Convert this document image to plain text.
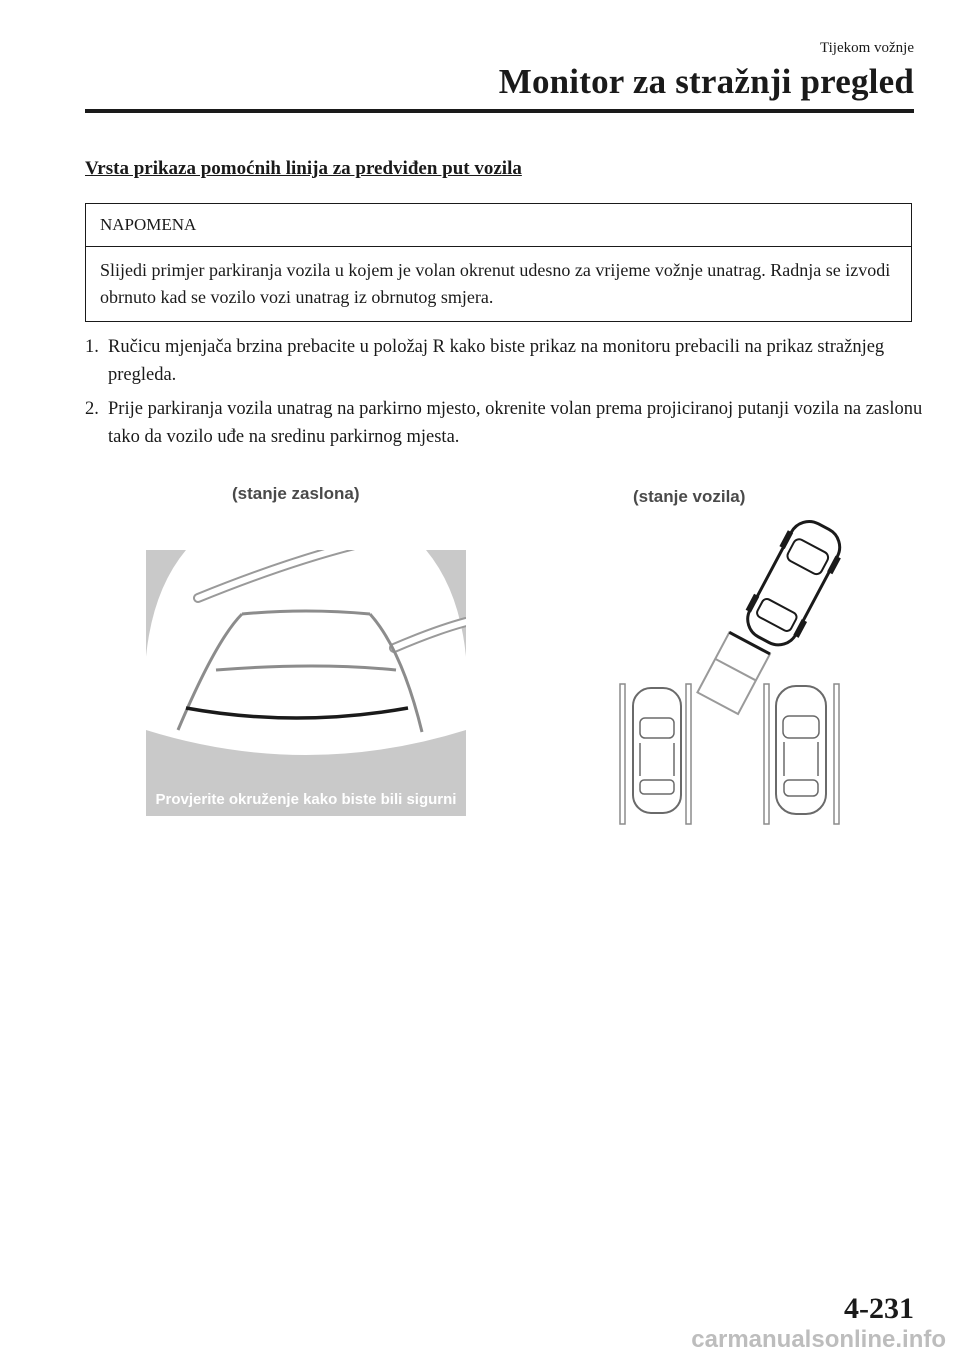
Tijekom vožnje
Monitor za stražnji pregled
Vrsta prikaza pomoćnih linija za predviđen put vozila
NAPOMENA
Slijedi primjer parkiranja vozila u kojem je volan okrenut udesno za vrijeme vožnje unatrag. Radnja se izvodi obrnuto kad se vozilo vozi unatrag iz obrnutog smjera.
1. Ručicu mjenjača brzina prebacite u položaj R kako biste prikaz na monitoru prebacili na prikaz stražnjeg pregleda.
2. Prije parkiranja vozila unatrag na parkirno mjesto, okrenite volan prema projiciranoj putanji vozila na zaslonu tako da vozilo uđe na sredinu parkirnog mjesta.
(stanje zaslona)	(stanje vozila)
Provjerite okruženje kako biste bili sigurni
4-231
carmanualsonline.info
